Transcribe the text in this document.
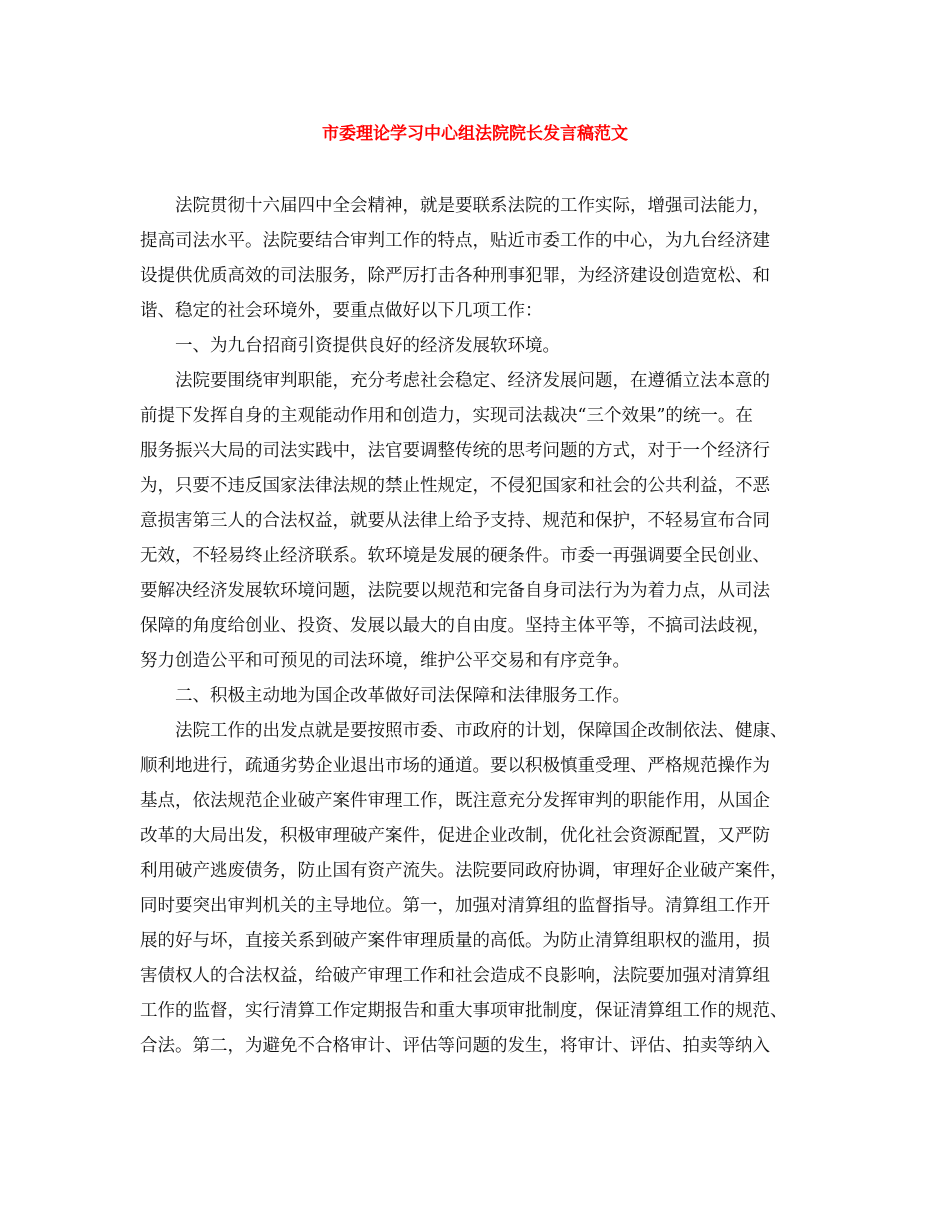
市委理论学习中心组法院院长发言稿范文

　　法院贯彻十六届四中全会精神，就是要联系法院的工作实际，增强司法能力，

提高司法水平。法院要结合审判工作的特点，贴近市委工作的中心，为九台经济建

设提供优质高效的司法服务，除严厉打击各种刑事犯罪，为经济建设创造宽松、和

谐、稳定的社会环境外，要重点做好以下几项工作：

　　一、为九台招商引资提供良好的经济发展软环境。

　　法院要围绕审判职能，充分考虑社会稳定、经济发展问题，在遵循立法本意的

前提下发挥自身的主观能动作用和创造力，实现司法裁决“三个效果”的统一。在

服务振兴大局的司法实践中，法官要调整传统的思考问题的方式，对于一个经济行

为，只要不违反国家法律法规的禁止性规定，不侵犯国家和社会的公共利益，不恶

意损害第三人的合法权益，就要从法律上给予支持、规范和保护，不轻易宣布合同

无效，不轻易终止经济联系。软环境是发展的硬条件。市委一再强调要全民创业、

要解决经济发展软环境问题，法院要以规范和完备自身司法行为为着力点，从司法

保障的角度给创业、投资、发展以最大的自由度。坚持主体平等，不搞司法歧视，

努力创造公平和可预见的司法环境，维护公平交易和有序竞争。

　　二、积极主动地为国企改革做好司法保障和法律服务工作。

　　法院工作的出发点就是要按照市委、市政府的计划，保障国企改制依法、健康、

顺利地进行，疏通劣势企业退出市场的通道。要以积极慎重受理、严格规范操作为

基点，依法规范企业破产案件审理工作，既注意充分发挥审判的职能作用，从国企

改革的大局出发，积极审理破产案件，促进企业改制，优化社会资源配置，又严防

利用破产逃废债务，防止国有资产流失。法院要同政府协调，审理好企业破产案件，

同时要突出审判机关的主导地位。第一，加强对清算组的监督指导。清算组工作开

展的好与坏，直接关系到破产案件审理质量的高低。为防止清算组职权的滥用，损

害债权人的合法权益，给破产审理工作和社会造成不良影响，法院要加强对清算组

工作的监督，实行清算工作定期报告和重大事项审批制度，保证清算组工作的规范、

合法。第二，为避免不合格审计、评估等问题的发生，将审计、评估、拍卖等纳入
